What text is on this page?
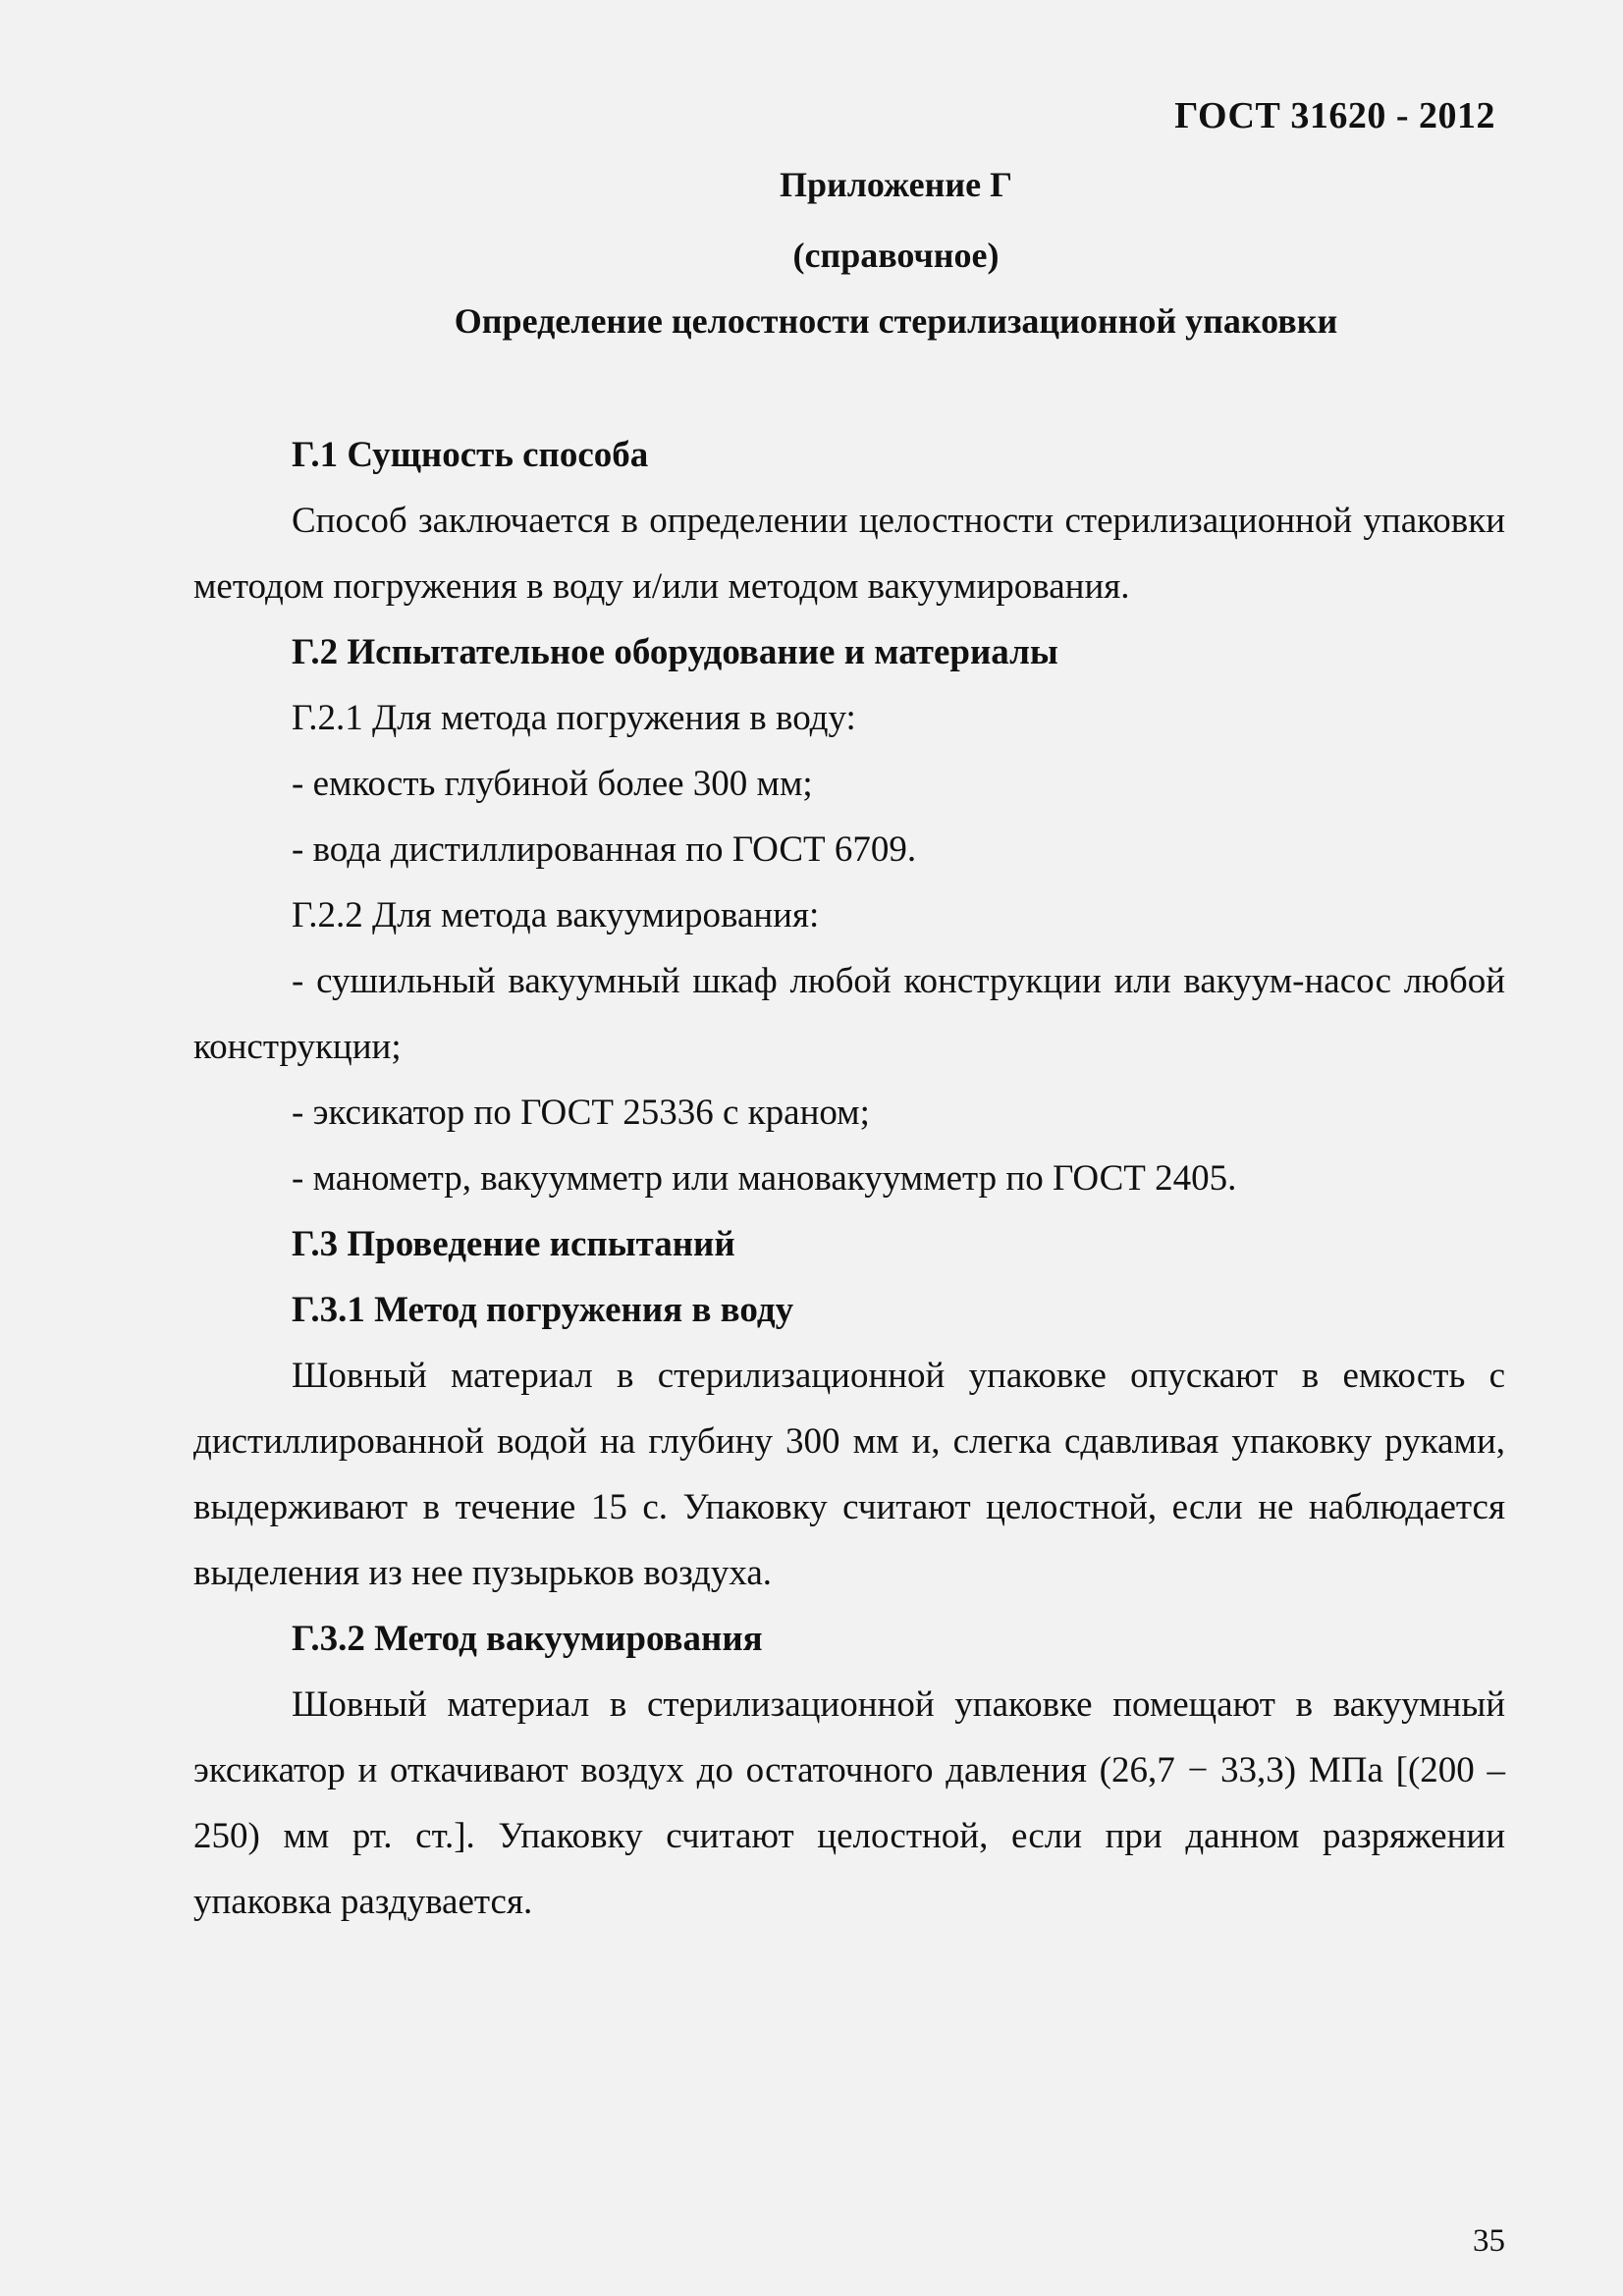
ГОСТ 31620 - 2012
Приложение Г
(справочное)
Определение целостности стерилизационной упаковки

Г.1 Сущность способа

Способ заключается в определении целостности стерилизационной упаковки методом погружения в воду и/или методом вакуумирования.

Г.2 Испытательное оборудование и материалы

Г.2.1 Для метода погружения в воду:

- емкость глубиной более 300 мм;

- вода дистиллированная по ГОСТ 6709.

Г.2.2 Для метода вакуумирования:

- сушильный вакуумный шкаф любой конструкции или вакуум-насос любой конструкции;

- эксикатор по ГОСТ 25336 с краном;

- манометр, вакуумметр или мановакуумметр по ГОСТ 2405.

Г.3 Проведение испытаний

Г.3.1 Метод погружения в воду

Шовный материал в стерилизационной упаковке опускают в емкость с дистиллированной водой на глубину 300 мм и, слегка сдавливая упаковку руками, выдерживают в течение 15 с. Упаковку считают целостной, если не наблюдается выделения из нее пузырьков воздуха.

Г.3.2 Метод вакуумирования

Шовный материал в стерилизационной упаковке помещают в вакуумный эксикатор и откачивают воздух до остаточного давления (26,7 − 33,3) МПа [(200 – 250) мм рт. ст.]. Упаковку считают целостной, если при данном разряжении упаковка раздувается.

35
